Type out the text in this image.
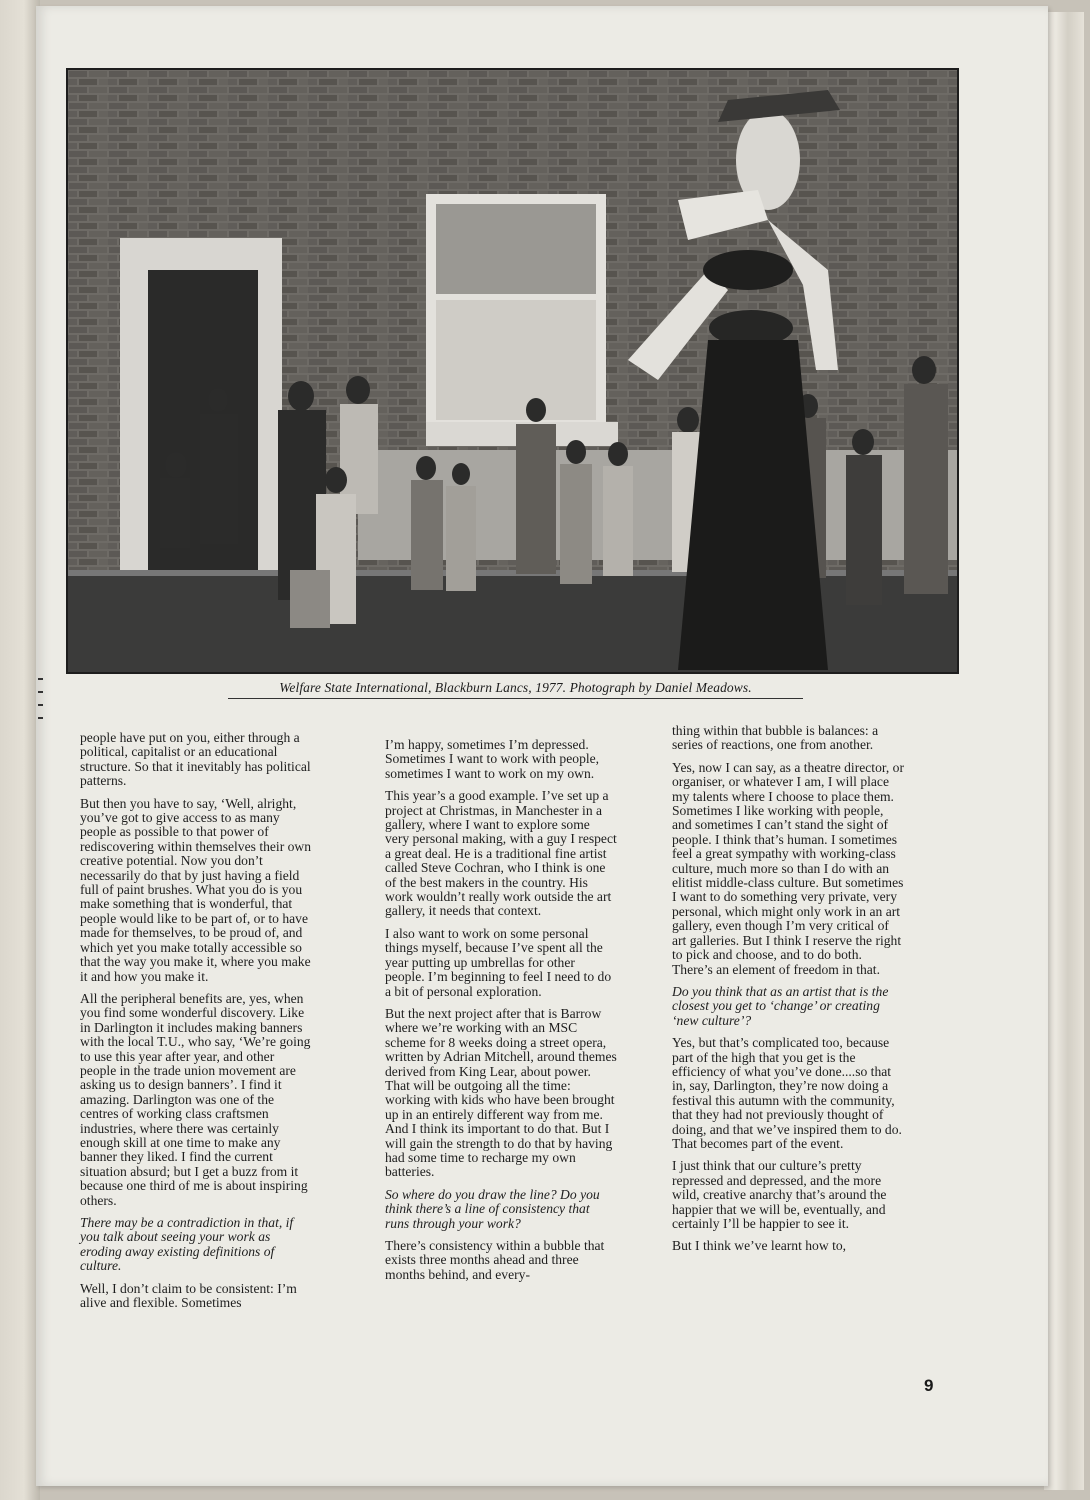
Welfare State International, Blackburn Lancs, 1977. Photograph by Daniel Meadows.

people have put on you, either through a political, capitalist or an educational structure. So that it inevitably has political patterns.

But then you have to say, ‘Well, alright, you’ve got to give access to as many people as possible to that power of rediscovering within themselves their own creative potential. Now you don’t necessarily do that by just having a field full of paint brushes. What you do is you make something that is wonderful, that people would like to be part of, or to have made for themselves, to be proud of, and which yet you make totally accessible so that the way you make it, where you make it and how you make it.

All the peripheral benefits are, yes, when you find some wonderful discovery. Like in Darlington it includes making banners with the local T.U., who say, ‘We’re going to use this year after year, and other people in the trade union movement are asking us to design banners’. I find it amazing. Darlington was one of the centres of working class craftsmen industries, where there was certainly enough skill at one time to make any banner they liked. I find the current situation absurd; but I get a buzz from it because one third of me is about inspiring others.

There may be a contradiction in that, if you talk about seeing your work as eroding away existing definitions of culture.

Well, I don’t claim to be consistent: I’m alive and flexible. Sometimes

I’m happy, sometimes I’m depressed. Sometimes I want to work with people, sometimes I want to work on my own.

This year’s a good example. I’ve set up a project at Christmas, in Manchester in a gallery, where I want to explore some very personal making, with a guy I respect a great deal. He is a traditional fine artist called Steve Cochran, who I think is one of the best makers in the country. His work wouldn’t really work outside the art gallery, it needs that context.

I also want to work on some personal things myself, because I’ve spent all the year putting up umbrellas for other people. I’m beginning to feel I need to do a bit of personal exploration.

But the next project after that is Barrow where we’re working with an MSC scheme for 8 weeks doing a street opera, written by Adrian Mitchell, around themes derived from King Lear, about power. That will be outgoing all the time: working with kids who have been brought up in an entirely different way from me. And I think its important to do that. But I will gain the strength to do that by having had some time to recharge my own batteries.

So where do you draw the line? Do you think there’s a line of consistency that runs through your work?

There’s consistency within a bubble that exists three months ahead and three months behind, and every-

thing within that bubble is balances: a series of reactions, one from another.

Yes, now I can say, as a theatre director, or organiser, or whatever I am, I will place my talents where I choose to place them. Sometimes I like working with people, and sometimes I can’t stand the sight of people. I think that’s human. I sometimes feel a great sympathy with working-class culture, much more so than I do with an elitist middle-class culture. But sometimes I want to do something very private, very personal, which might only work in an art gallery, even though I’m very critical of art galleries. But I think I reserve the right to pick and choose, and to do both. There’s an element of freedom in that.

Do you think that as an artist that is the closest you get to ‘change’ or creating ‘new culture’?

Yes, but that’s complicated too, because part of the high that you get is the efficiency of what you’ve done....so that in, say, Darlington, they’re now doing a festival this autumn with the community, that they had not previously thought of doing, and that we’ve inspired them to do. That becomes part of the event.

I just think that our culture’s pretty repressed and depressed, and the more wild, creative anarchy that’s around the happier that we will be, eventually, and certainly I’ll be happier to see it.

But I think we’ve learnt how to,

9
